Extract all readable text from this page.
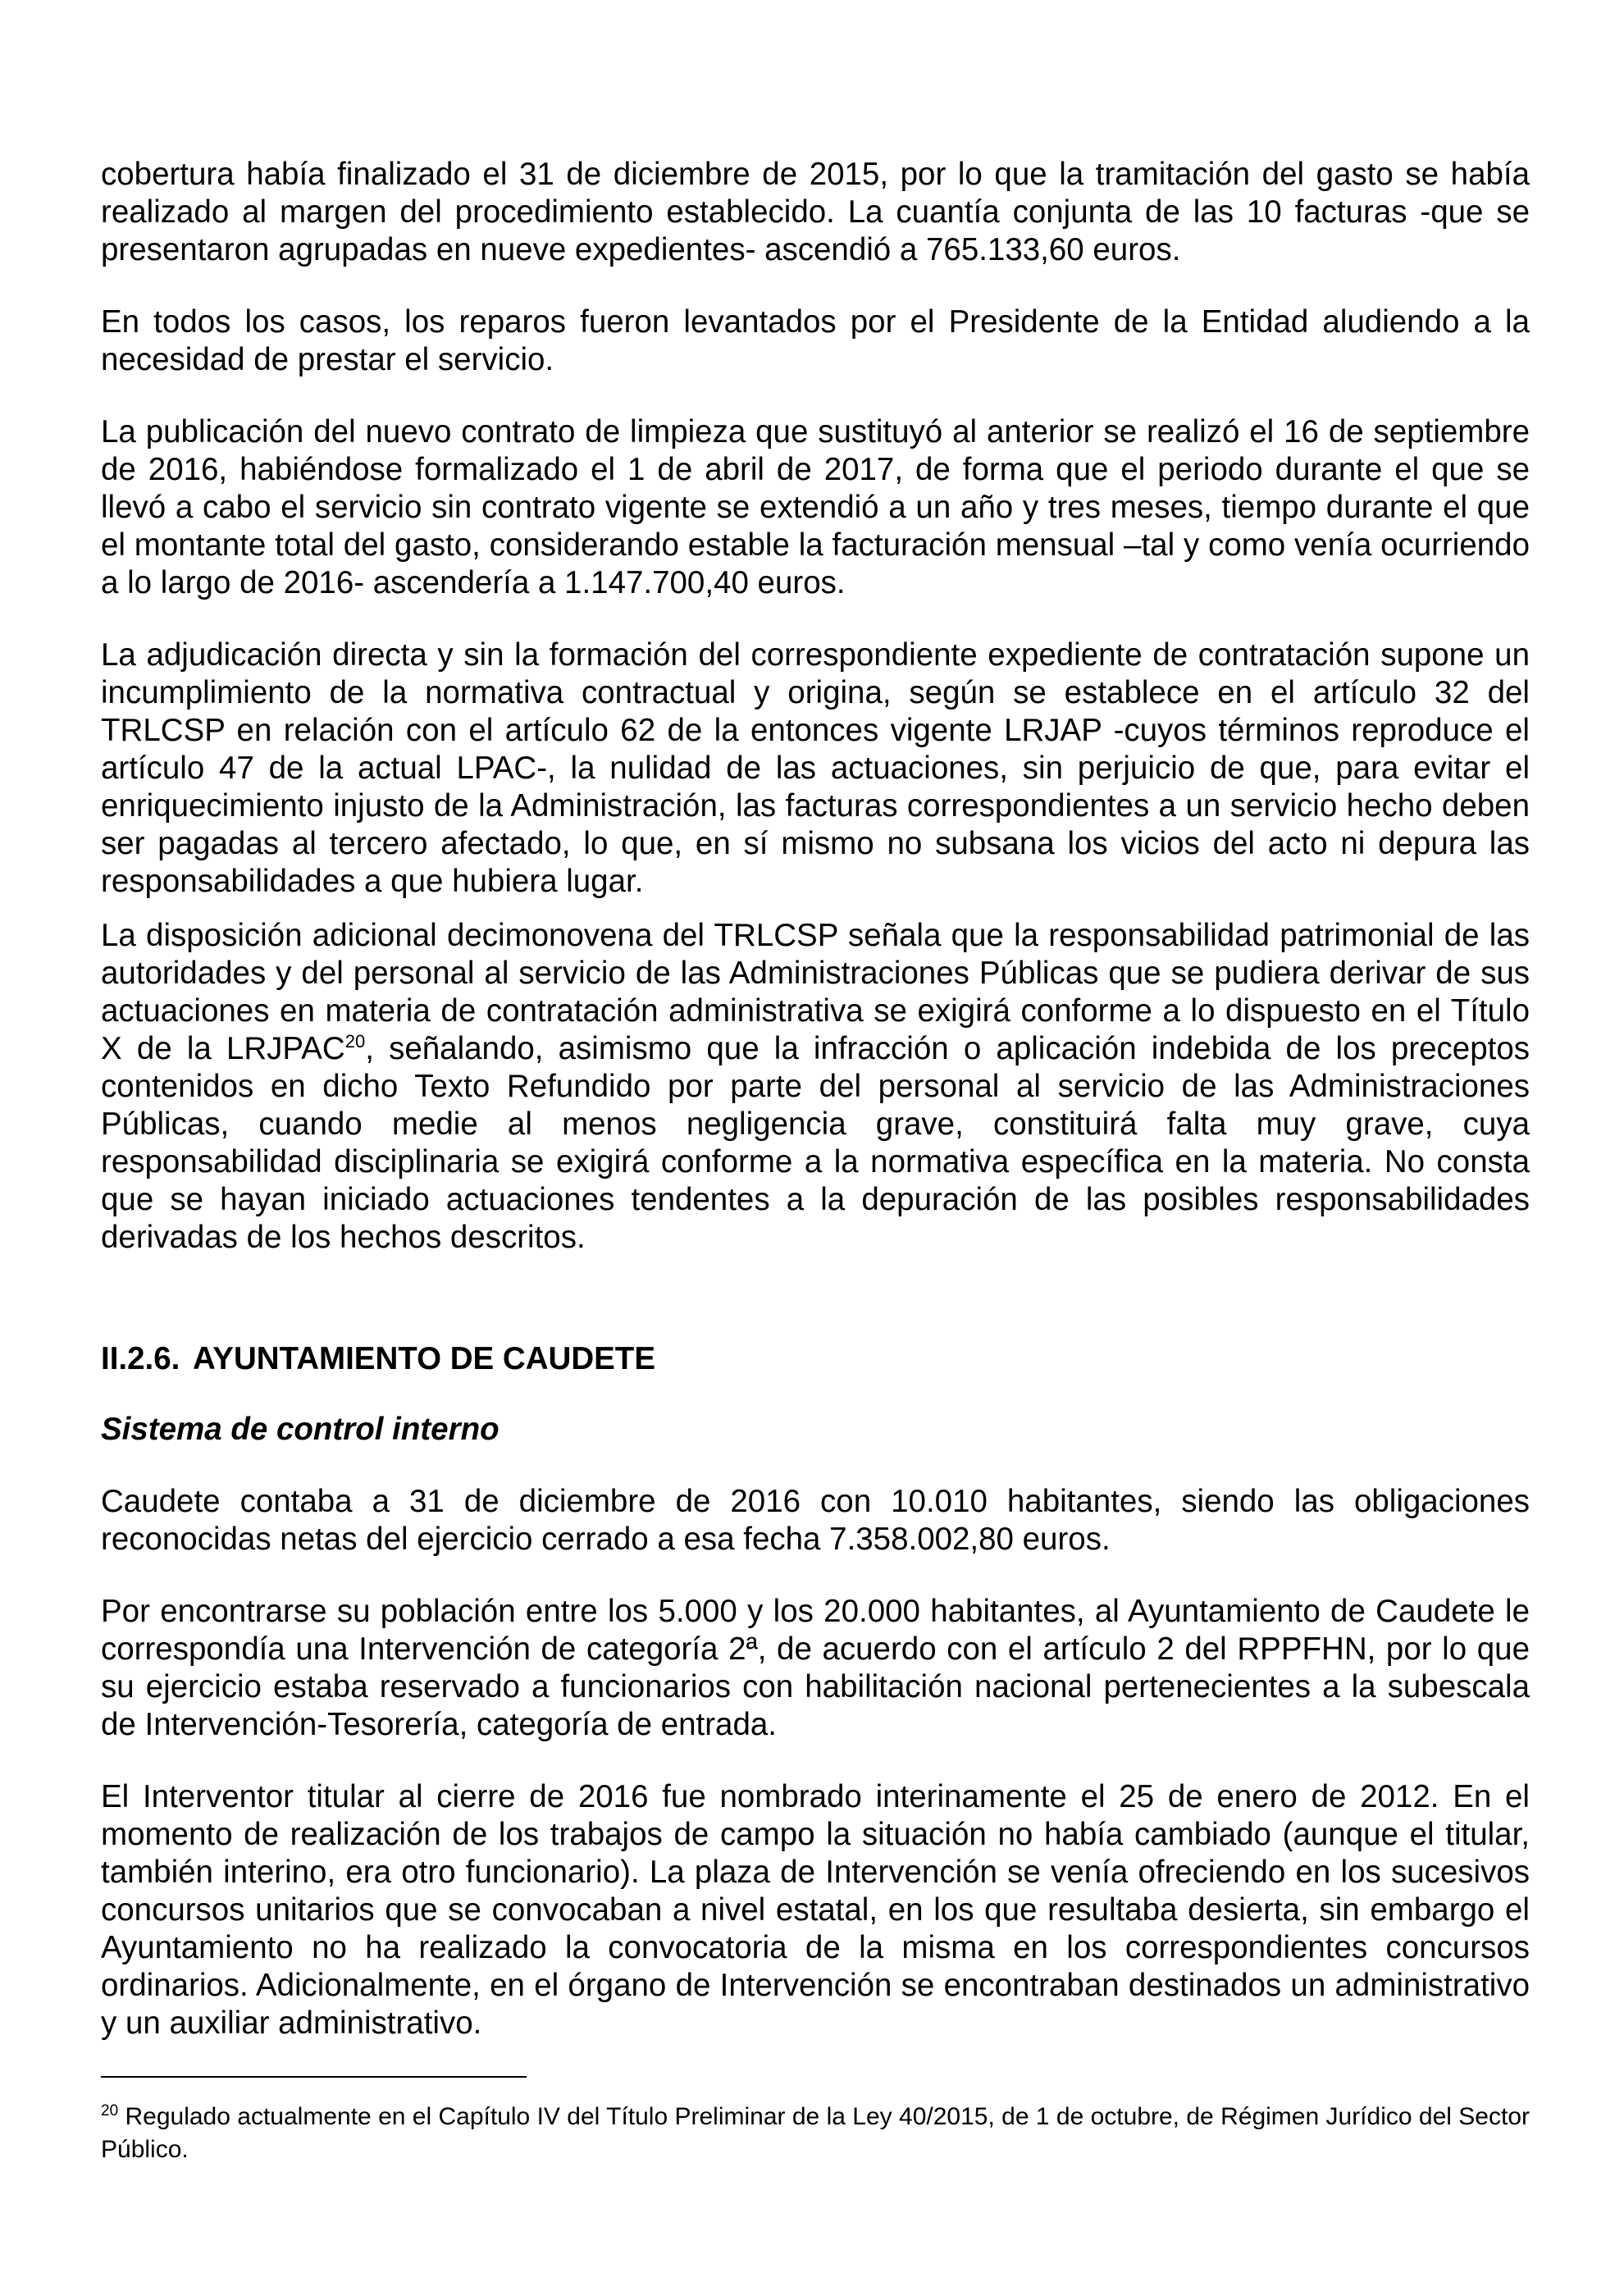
cobertura había finalizado el 31 de diciembre de 2015, por lo que la tramitación del gasto se había realizado al margen del procedimiento establecido. La cuantía conjunta de las 10 facturas -que se presentaron agrupadas en nueve expedientes- ascendió a 765.133,60 euros.

En todos los casos, los reparos fueron levantados por el Presidente de la Entidad aludiendo a la necesidad de prestar el servicio.

La publicación del nuevo contrato de limpieza que sustituyó al anterior se realizó el 16 de septiembre de 2016, habiéndose formalizado el 1 de abril de 2017, de forma que el periodo durante el que se llevó a cabo el servicio sin contrato vigente se extendió a un año y tres meses, tiempo durante el que el montante total del gasto, considerando estable la facturación mensual –tal y como venía ocurriendo a lo largo de 2016- ascendería a 1.147.700,40 euros.

La adjudicación directa y sin la formación del correspondiente expediente de contratación supone un incumplimiento de la normativa contractual y origina, según se establece en el artículo 32 del TRLCSP en relación con el artículo 62 de la entonces vigente LRJAP -cuyos términos reproduce el artículo 47 de la actual LPAC-, la nulidad de las actuaciones, sin perjuicio de que, para evitar el enriquecimiento injusto de la Administración, las facturas correspondientes a un servicio hecho deben ser pagadas al tercero afectado, lo que, en sí mismo no subsana los vicios del acto ni depura las responsabilidades a que hubiera lugar.

La disposición adicional decimonovena del TRLCSP señala que la responsabilidad patrimonial de las autoridades y del personal al servicio de las Administraciones Públicas que se pudiera derivar de sus actuaciones en materia de contratación administrativa se exigirá conforme a lo dispuesto en el Título X de la LRJPAC$^{20}$, señalando, asimismo que la infracción o aplicación indebida de los preceptos contenidos en dicho Texto Refundido por parte del personal al servicio de las Administraciones Públicas, cuando medie al menos negligencia grave, constituirá falta muy grave, cuya responsabilidad disciplinaria se exigirá conforme a la normativa específica en la materia. No consta que se hayan iniciado actuaciones tendentes a la depuración de las posibles responsabilidades derivadas de los hechos descritos.

II.2.6. AYUNTAMIENTO DE CAUDETE
Sistema de control interno

Caudete contaba a 31 de diciembre de 2016 con 10.010 habitantes, siendo las obligaciones reconocidas netas del ejercicio cerrado a esa fecha 7.358.002,80 euros.

Por encontrarse su población entre los 5.000 y los 20.000 habitantes, al Ayuntamiento de Caudete le correspondía una Intervención de categoría 2ª, de acuerdo con el artículo 2 del RPPFHN, por lo que su ejercicio estaba reservado a funcionarios con habilitación nacional pertenecientes a la subescala de Intervención-Tesorería, categoría de entrada.

El Interventor titular al cierre de 2016 fue nombrado interinamente el 25 de enero de 2012. En el momento de realización de los trabajos de campo la situación no había cambiado (aunque el titular, también interino, era otro funcionario). La plaza de Intervención se venía ofreciendo en los sucesivos concursos unitarios que se convocaban a nivel estatal, en los que resultaba desierta, sin embargo el Ayuntamiento no ha realizado la convocatoria de la misma en los correspondientes concursos ordinarios. Adicionalmente, en el órgano de Intervención se encontraban destinados un administrativo y un auxiliar administrativo.

$^{20}$ Regulado actualmente en el Capítulo IV del Título Preliminar de la Ley 40/2015, de 1 de octubre, de Régimen Jurídico del Sector Público.
